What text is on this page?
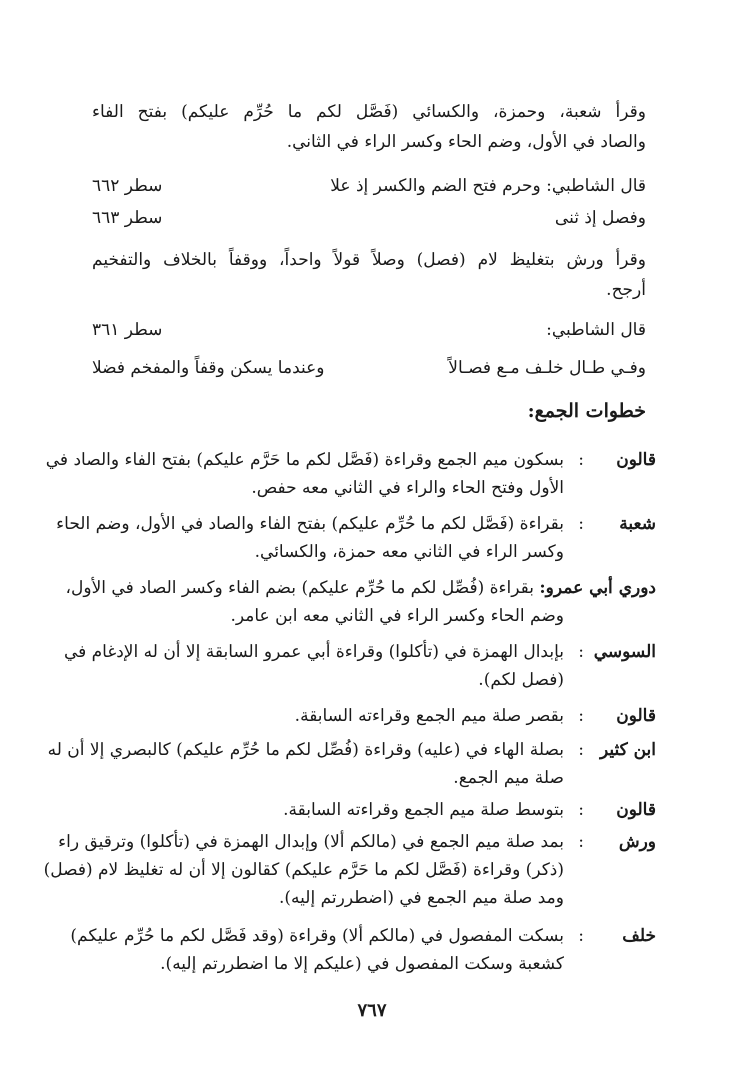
وقرأ شعبة، وحمزة، والكسائي (فَصَّل لكم ما حُرِّم عليكم) بفتح الفاء
والصاد في الأول، وضم الحاء وكسر الراء في الثاني.
قال الشاطبي: وحرم فتح الضم والكسر إذ علا
سطر ٦٦٢
وفصل إذ ثنى
سطر ٦٦٣
وقرأ ورش بتغليظ لام (فصل) وصلاً قولاً واحداً، ووقفاً بالخلاف والتفخيم
أرجح.
قال الشاطبي:
سطر ٣٦١
وفـي طـال خلـف مـع فصـالاً
وعندما يسكن وقفاً والمفخم فضلا
خطوات الجمع:
قالون
:
بسكون ميم الجمع وقراءة (فَصَّل لكم ما حَرَّم عليكم) بفتح الفاء والصاد في
الأول وفتح الحاء والراء في الثاني معه حفص.
شعبة
:
بقراءة (فَصَّل لكم ما حُرِّم عليكم) بفتح الفاء والصاد في الأول، وضم الحاء
وكسر الراء في الثاني معه حمزة، والكسائي.
دوري أبي عمرو:
بقراءة (فُصِّل لكم ما حُرِّم عليكم) بضم الفاء وكسر الصاد في الأول،
وضم الحاء وكسر الراء في الثاني معه ابن عامر.
السوسي
:
بإبدال الهمزة في (تأكلوا) وقراءة أبي عمرو السابقة إلا أن له الإدغام في
(فصل لكم).
قالون
:
بقصر صلة ميم الجمع وقراءته السابقة.
ابن كثير
:
بصلة الهاء في (عليه) وقراءة (فُصِّل لكم ما حُرِّم عليكم) كالبصري إلا أن له
صلة ميم الجمع.
قالون
:
بتوسط صلة ميم الجمع وقراءته السابقة.
ورش
:
بمد صلة ميم الجمع في (مالكم ألا) وإبدال الهمزة في (تأكلوا) وترقيق راء
(ذكر) وقراءة (فَصَّل لكم ما حَرَّم عليكم) كقالون إلا أن له تغليظ لام (فصل)
ومد صلة ميم الجمع في (اضطررتم إليه).
خلف
:
بسكت المفصول في (مالكم ألا) وقراءة (وقد فَصَّل لكم ما حُرِّم عليكم)
كشعبة وسكت المفصول في (عليكم إلا ما اضطررتم إليه).
٧٦٧
